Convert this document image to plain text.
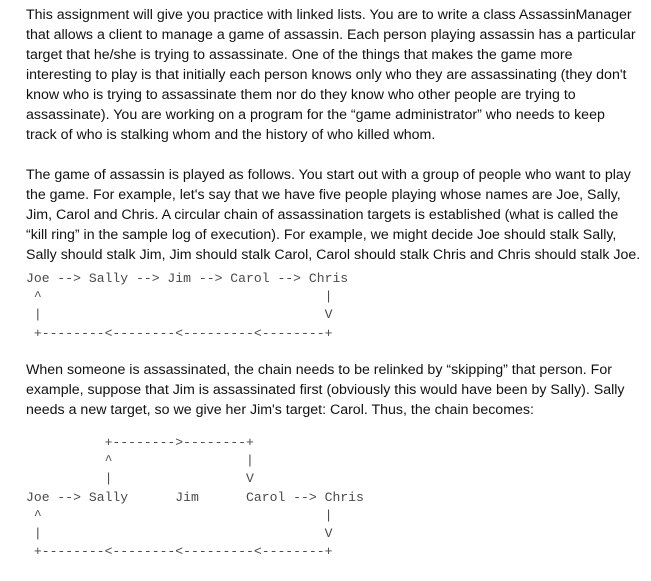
This assignment will give you practice with linked lists. You are to write a class AssassinManager
that allows a client to manage a game of assassin. Each person playing assassin has a particular
target that he/she is trying to assassinate. One of the things that makes the game more
interesting to play is that initially each person knows only who they are assassinating (they don't
know who is trying to assassinate them nor do they know who other people are trying to
assassinate). You are working on a program for the “game administrator” who needs to keep
track of who is stalking whom and the history of who killed whom.

The game of assassin is played as follows. You start out with a group of people who want to play
the game. For example, let's say that we have five people playing whose names are Joe, Sally,
Jim, Carol and Chris. A circular chain of assassination targets is established (what is called the
“kill ring” in the sample log of execution). For example, we might decide Joe should stalk Sally,
Sally should stalk Jim, Jim should stalk Carol, Carol should stalk Chris and Chris should stalk Joe.
Joe --> Sally --> Jim --> Carol --> Chris
^                                    |
|                                    V
+--------<--------<---------<--------+
When someone is assassinated, the chain needs to be relinked by “skipping” that person. For
example, suppose that Jim is assassinated first (obviously this would have been by Sally). Sally
needs a new target, so we give her Jim's target: Carol. Thus, the chain becomes:
+-------->--------+
^                 |
|                 V
Joe --> Sally      Jim      Carol --> Chris
^                                    |
|                                    V
+--------<--------<---------<--------+
